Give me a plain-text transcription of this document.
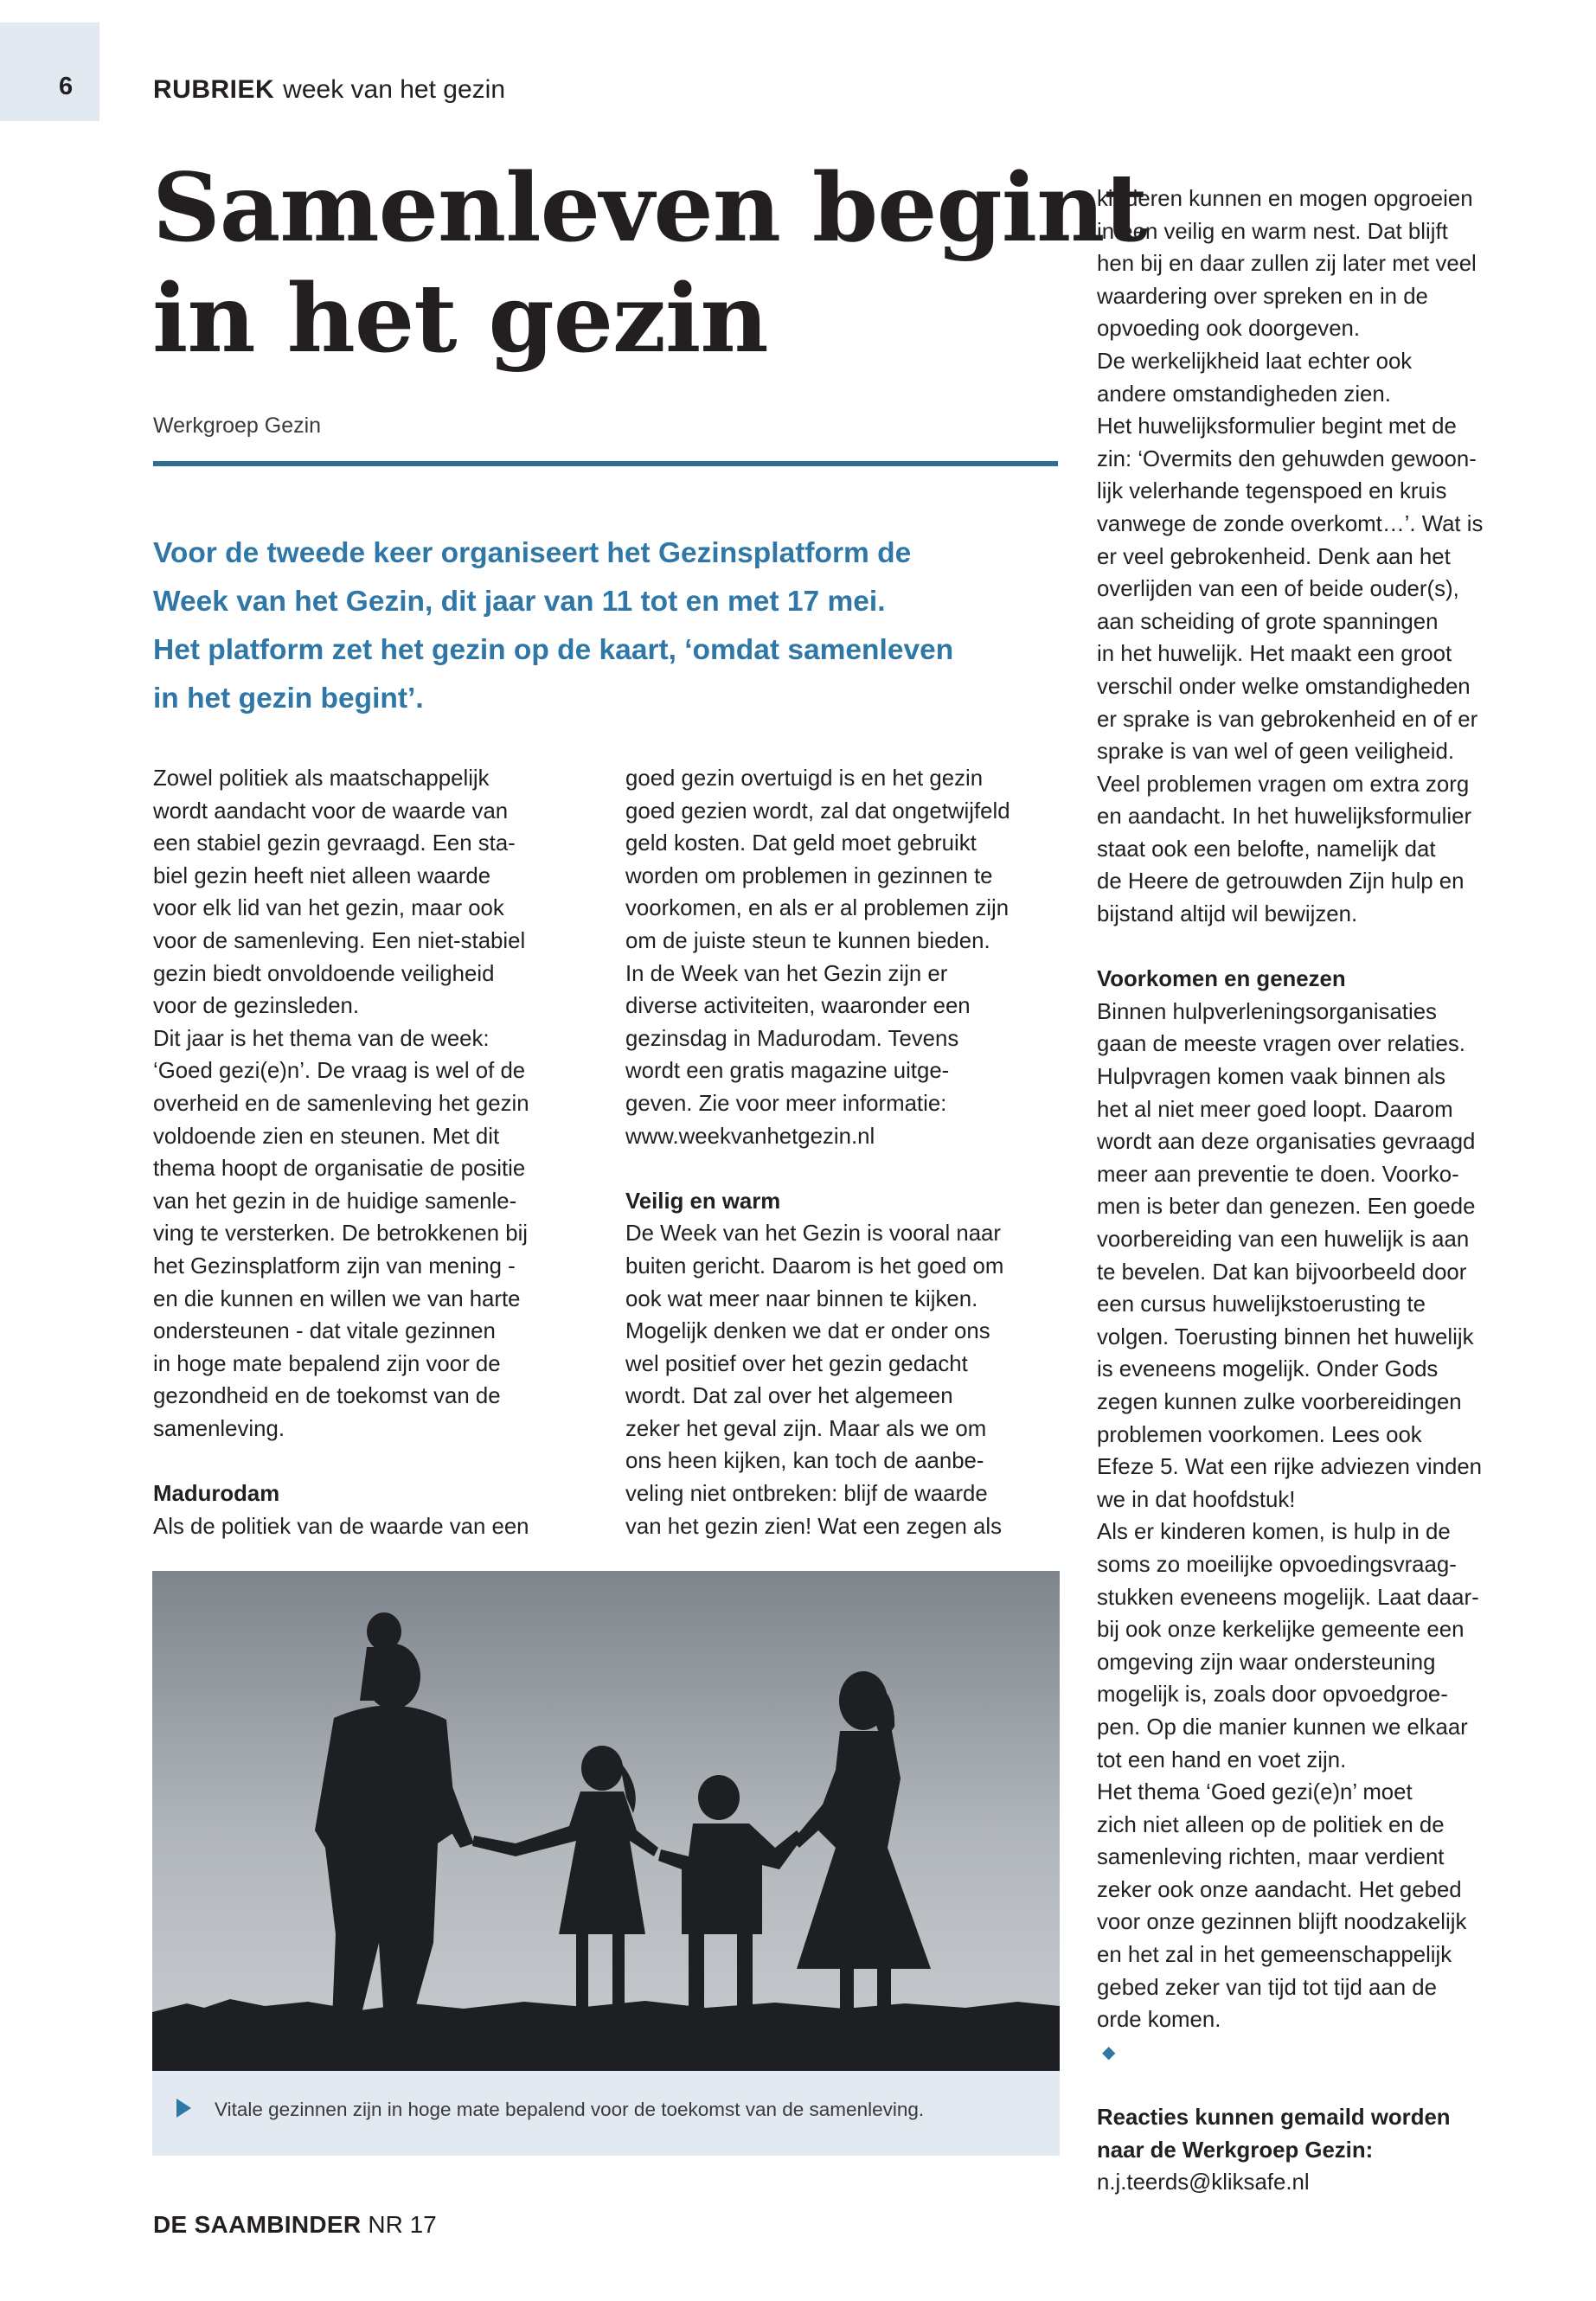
6	RUBRIEK week van het gezin
Samenleven begint
in het gezin
Werkgroep Gezin
Voor de tweede keer organiseert het Gezinsplatform de
Week van het Gezin, dit jaar van 11 tot en met 17 mei.
Het platform zet het gezin op de kaart, ‘omdat samenleven
in het gezin begint’.
Zowel politiek als maatschappelijk
wordt aandacht voor de waarde van
een stabiel gezin gevraagd. Een sta-
biel gezin heeft niet alleen waarde
voor elk lid van het gezin, maar ook
voor de samenleving. Een niet-stabiel
gezin biedt onvoldoende veiligheid
voor de gezinsleden.
Dit jaar is het thema van de week:
‘Goed gezi(e)n’. De vraag is wel of de
overheid en de samenleving het gezin
voldoende zien en steunen. Met dit
thema hoopt de organisatie de positie
van het gezin in de huidige samenle-
ving te versterken. De betrokkenen bij
het Gezinsplatform zijn van mening -
en die kunnen en willen we van harte
ondersteunen - dat vitale gezinnen
in hoge mate bepalend zijn voor de
gezondheid en de toekomst van de
samenleving.
Madurodam
Als de politiek van de waarde van een
goed gezin overtuigd is en het gezin
goed gezien wordt, zal dat ongetwijfeld
geld kosten. Dat geld moet gebruikt
worden om problemen in gezinnen te
voorkomen, en als er al problemen zijn
om de juiste steun te kunnen bieden.
In de Week van het Gezin zijn er
diverse activiteiten, waaronder een
gezinsdag in Madurodam. Tevens
wordt een gratis magazine uitge-
geven. Zie voor meer informatie:
www.weekvanhetgezin.nl
Veilig en warm
De Week van het Gezin is vooral naar
buiten gericht. Daarom is het goed om
ook wat meer naar binnen te kijken.
Mogelijk denken we dat er onder ons
wel positief over het gezin gedacht
wordt. Dat zal over het algemeen
zeker het geval zijn. Maar als we om
ons heen kijken, kan toch de aanbe-
veling niet ontbreken: blijf de waarde
van het gezin zien! Wat een zegen als
kinderen kunnen en mogen opgroeien
in een veilig en warm nest. Dat blijft
hen bij en daar zullen zij later met veel
waardering over spreken en in de
opvoeding ook doorgeven.
De werkelijkheid laat echter ook
andere omstandigheden zien.
Het huwelijksformulier begint met de
zin: ‘Overmits den gehuwden gewoon-
lijk velerhande tegenspoed en kruis
vanwege de zonde overkomt…’. Wat is
er veel gebrokenheid. Denk aan het
overlijden van een of beide ouder(s),
aan scheiding of grote spanningen
in het huwelijk. Het maakt een groot
verschil onder welke omstandigheden
er sprake is van gebrokenheid en of er
sprake is van wel of geen veiligheid.
Veel problemen vragen om extra zorg
en aandacht. In het huwelijksformulier
staat ook een belofte, namelijk dat
de Heere de getrouwden Zijn hulp en
bijstand altijd wil bewijzen.
Voorkomen en genezen
Binnen hulpverleningsorganisaties
gaan de meeste vragen over relaties.
Hulpvragen komen vaak binnen als
het al niet meer goed loopt. Daarom
wordt aan deze organisaties gevraagd
meer aan preventie te doen. Voorko-
men is beter dan genezen. Een goede
voorbereiding van een huwelijk is aan
te bevelen. Dat kan bijvoorbeeld door
een cursus huwelijkstoerusting te
volgen. Toerusting binnen het huwelijk
is eveneens mogelijk. Onder Gods
zegen kunnen zulke voorbereidingen
problemen voorkomen. Lees ook
Efeze 5. Wat een rijke adviezen vinden
we in dat hoofdstuk!
Als er kinderen komen, is hulp in de
soms zo moeilijke opvoedingsvraag-
stukken eveneens mogelijk. Laat daar-
bij ook onze kerkelijke gemeente een
omgeving zijn waar ondersteuning
mogelijk is, zoals door opvoedgroe-
pen. Op die manier kunnen we elkaar
tot een hand en voet zijn.
Het thema ‘Goed gezi(e)n’ moet
zich niet alleen op de politiek en de
samenleving richten, maar verdient
zeker ook onze aandacht. Het gebed
voor onze gezinnen blijft noodzakelijk
en het zal in het gemeenschappelijk
gebed zeker van tijd tot tijd aan de
orde komen.
◆
Reacties kunnen gemaild worden
naar de Werkgroep Gezin:
n.j.teerds@kliksafe.nl
Vitale gezinnen zijn in hoge mate bepalend voor de toekomst van de samenleving.
DE SAAMBINDER NR 17
